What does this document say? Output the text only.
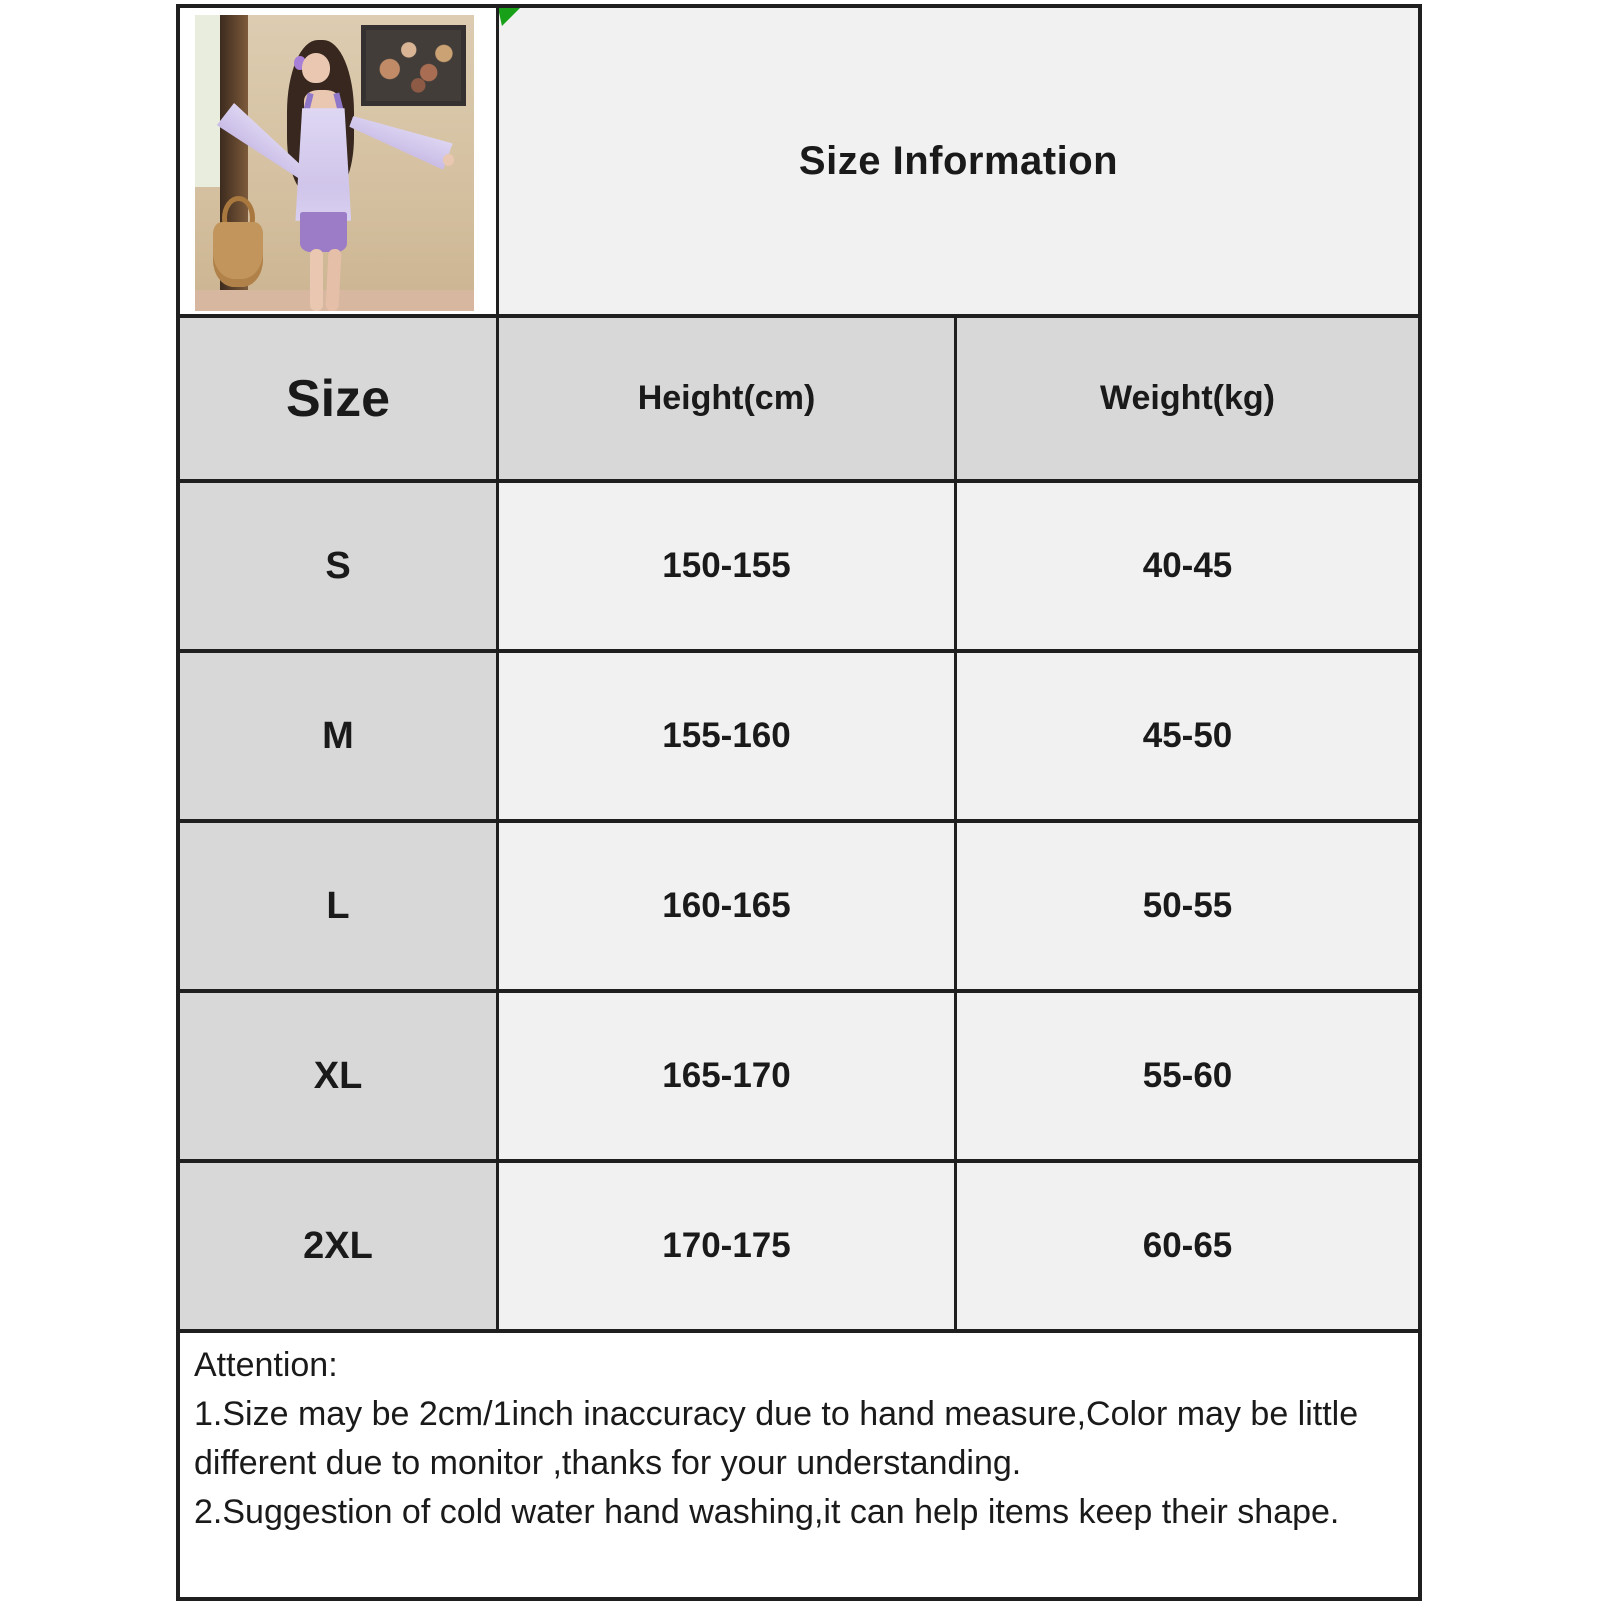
Size Information
Size	Height(cm)	Weight(kg)
S	150-155	40-45
M	155-160	45-50
L	160-165	50-55
XL	165-170	55-60
2XL	170-175	60-65
Attention:
1.Size may be 2cm/1inch inaccuracy due to hand measure,Color may be little different due to monitor ,thanks for your understanding.
2.Suggestion of cold water hand washing,it can help items keep their shape.
